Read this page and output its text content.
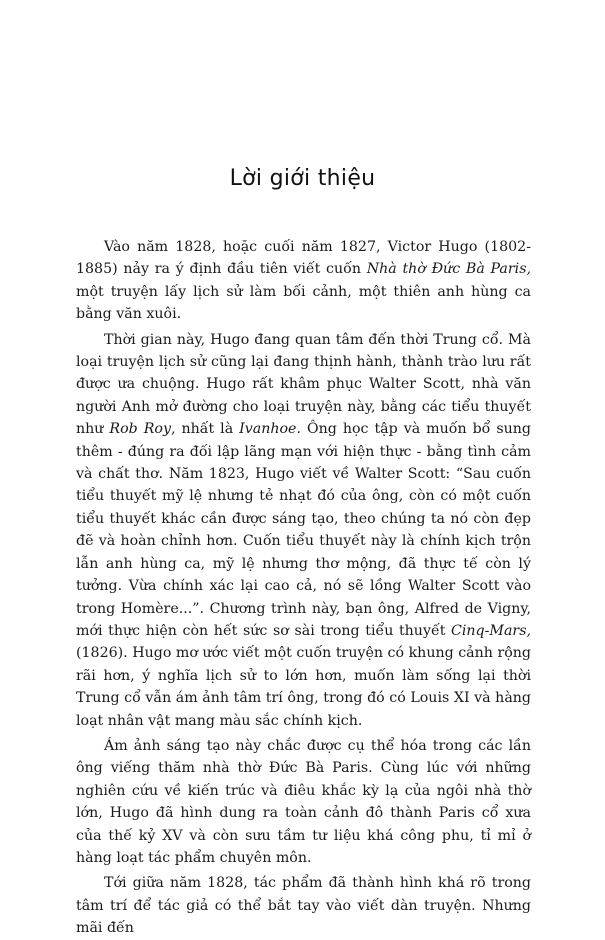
Lời giới thiệu

Vào năm 1828, hoặc cuối năm 1827, Victor Hugo (1802-1885) nảy ra ý định đầu tiên viết cuốn Nhà thờ Đức Bà Paris, một truyện lấy lịch sử làm bối cảnh, một thiên anh hùng ca bằng văn xuôi.

Thời gian này, Hugo đang quan tâm đến thời Trung cổ. Mà loại truyện lịch sử cũng lại đang thịnh hành, thành trào lưu rất được ưa chuộng. Hugo rất khâm phục Walter Scott, nhà văn người Anh mở đường cho loại truyện này, bằng các tiểu thuyết như Rob Roy, nhất là Ivanhoe. Ông học tập và muốn bổ sung thêm - đúng ra đối lập lãng mạn với hiện thực - bằng tình cảm và chất thơ. Năm 1823, Hugo viết về Walter Scott: “Sau cuốn tiểu thuyết mỹ lệ nhưng tẻ nhạt đó của ông, còn có một cuốn tiểu thuyết khác cần được sáng tạo, theo chúng ta nó còn đẹp đẽ và hoàn chỉnh hơn. Cuốn tiểu thuyết này là chính kịch trộn lẫn anh hùng ca, mỹ lệ nhưng thơ mộng, đã thực tế còn lý tưởng. Vừa chính xác lại cao cả, nó sẽ lồng Walter Scott vào trong Homère...”. Chương trình này, bạn ông, Alfred de Vigny, mới thực hiện còn hết sức sơ sài trong tiểu thuyết Cinq-Mars, (1826). Hugo mơ ước viết một cuốn truyện có khung cảnh rộng rãi hơn, ý nghĩa lịch sử to lớn hơn, muốn làm sống lại thời Trung cổ vẫn ám ảnh tâm trí ông, trong đó có Louis XI và hàng loạt nhân vật mang màu sắc chính kịch.

Ám ảnh sáng tạo này chắc được cụ thể hóa trong các lần ông viếng thăm nhà thờ Đức Bà Paris. Cùng lúc với những nghiên cứu về kiến trúc và điêu khắc kỳ lạ của ngôi nhà thờ lớn, Hugo đã hình dung ra toàn cảnh đô thành Paris cổ xưa của thế kỷ XV và còn sưu tầm tư liệu khá công phu, tỉ mỉ ở hàng loạt tác phẩm chuyên môn.

Tới giữa năm 1828, tác phẩm đã thành hình khá rõ trong tâm trí để tác giả có thể bắt tay vào viết dàn truyện. Nhưng mãi đến
